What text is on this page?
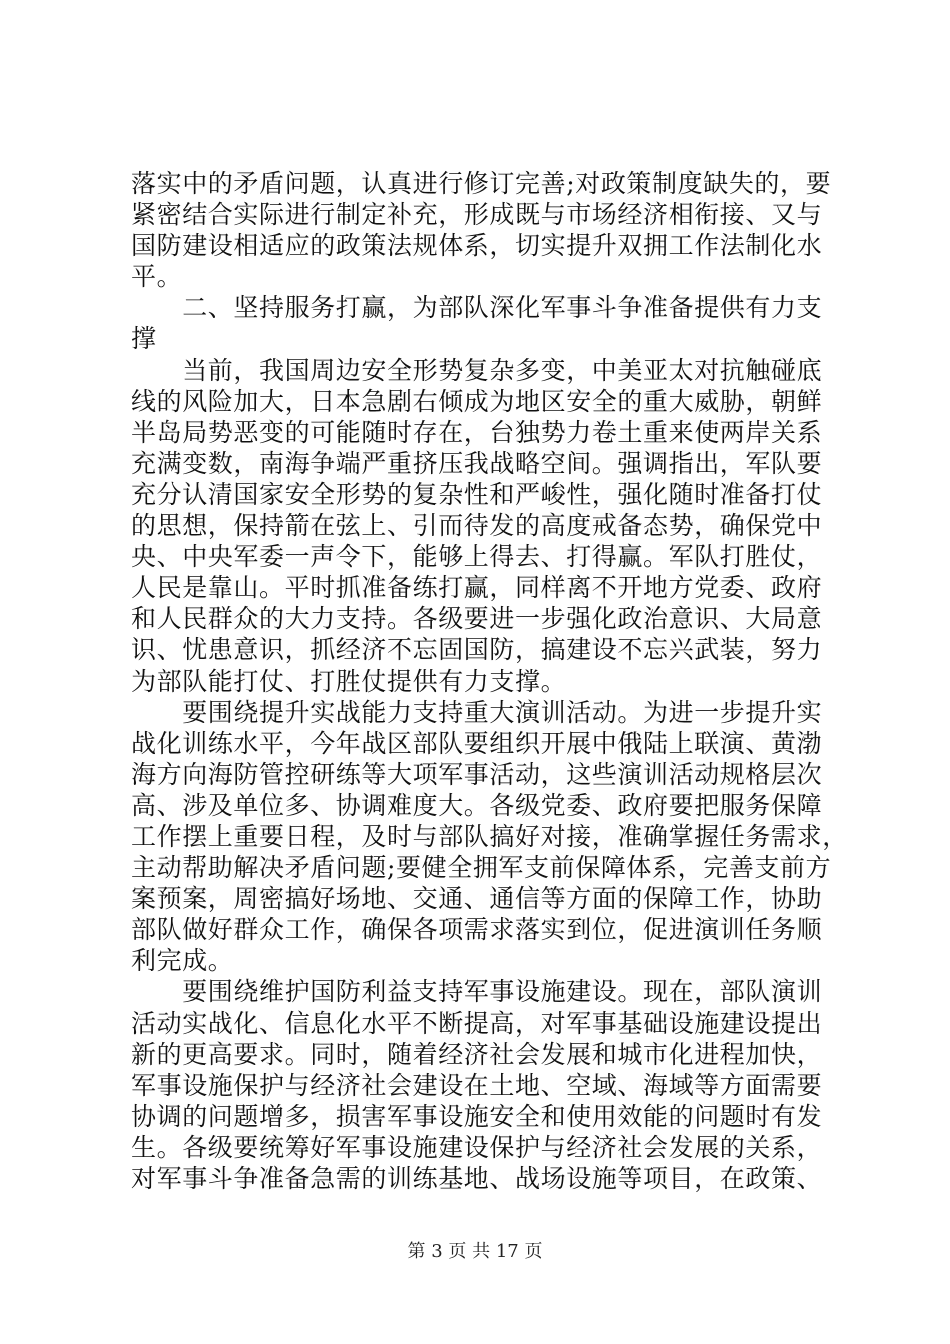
落实中的矛盾问题，认真进行修订完善;对政策制度缺失的，要
紧密结合实际进行制定补充，形成既与市场经济相衔接、又与
国防建设相适应的政策法规体系，切实提升双拥工作法制化水
平。
　　二、坚持服务打赢，为部队深化军事斗争准备提供有力支
撑
　　当前，我国周边安全形势复杂多变，中美亚太对抗触碰底
线的风险加大，日本急剧右倾成为地区安全的重大威胁，朝鲜
半岛局势恶变的可能随时存在，台独势力卷土重来使两岸关系
充满变数，南海争端严重挤压我战略空间。强调指出，军队要
充分认清国家安全形势的复杂性和严峻性，强化随时准备打仗
的思想，保持箭在弦上、引而待发的高度戒备态势，确保党中
央、中央军委一声令下，能够上得去、打得赢。军队打胜仗，
人民是靠山。平时抓准备练打赢，同样离不开地方党委、政府
和人民群众的大力支持。各级要进一步强化政治意识、大局意
识、忧患意识，抓经济不忘固国防，搞建设不忘兴武装，努力
为部队能打仗、打胜仗提供有力支撑。
　　要围绕提升实战能力支持重大演训活动。为进一步提升实
战化训练水平，今年战区部队要组织开展中俄陆上联演、黄渤
海方向海防管控研练等大项军事活动，这些演训活动规格层次
高、涉及单位多、协调难度大。各级党委、政府要把服务保障
工作摆上重要日程，及时与部队搞好对接，准确掌握任务需求，
主动帮助解决矛盾问题;要健全拥军支前保障体系，完善支前方
案预案，周密搞好场地、交通、通信等方面的保障工作，协助
部队做好群众工作，确保各项需求落实到位，促进演训任务顺
利完成。
　　要围绕维护国防利益支持军事设施建设。现在，部队演训
活动实战化、信息化水平不断提高，对军事基础设施建设提出
新的更高要求。同时，随着经济社会发展和城市化进程加快，
军事设施保护与经济社会建设在土地、空域、海域等方面需要
协调的问题增多，损害军事设施安全和使用效能的问题时有发
生。各级要统筹好军事设施建设保护与经济社会发展的关系，
对军事斗争准备急需的训练基地、战场设施等项目，在政策、
第 3 页 共 17 页
